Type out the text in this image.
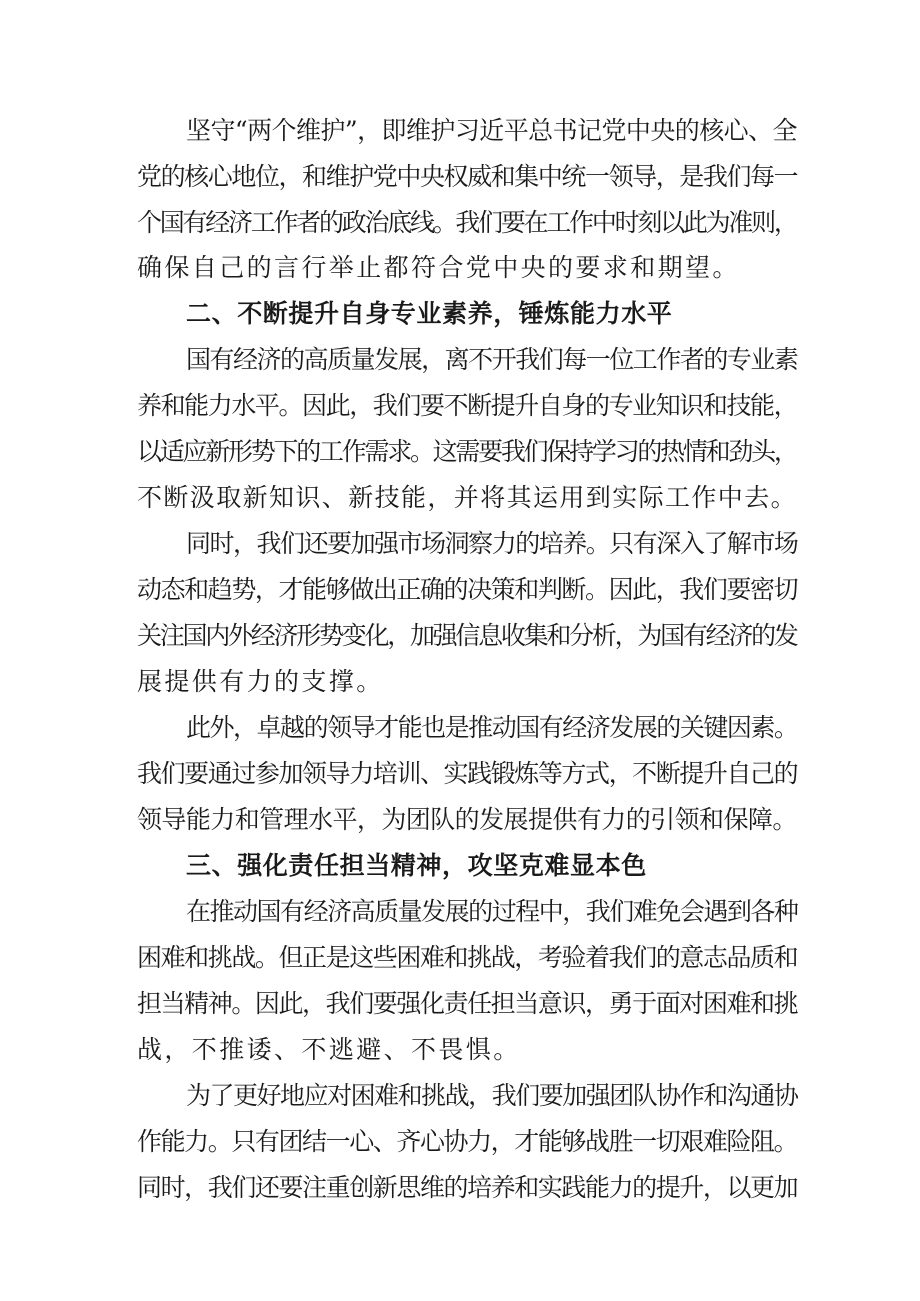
坚守“两个维护”，即维护习近平总书记党中央的核心、全
党的核心地位，和维护党中央权威和集中统一领导，是我们每一
个国有经济工作者的政治底线。我们要在工作中时刻以此为准则，
确保自己的言行举止都符合党中央的要求和期望。
二、不断提升自身专业素养，锤炼能力水平
国有经济的高质量发展，离不开我们每一位工作者的专业素
养和能力水平。因此，我们要不断提升自身的专业知识和技能，
以适应新形势下的工作需求。这需要我们保持学习的热情和劲头，
不断汲取新知识、新技能，并将其运用到实际工作中去。
同时，我们还要加强市场洞察力的培养。只有深入了解市场
动态和趋势，才能够做出正确的决策和判断。因此，我们要密切
关注国内外经济形势变化，加强信息收集和分析，为国有经济的发
展提供有力的支撑。
此外，卓越的领导才能也是推动国有经济发展的关键因素。
我们要通过参加领导力培训、实践锻炼等方式，不断提升自己的
领导能力和管理水平，为团队的发展提供有力的引领和保障。
三、强化责任担当精神，攻坚克难显本色
在推动国有经济高质量发展的过程中，我们难免会遇到各种
困难和挑战。但正是这些困难和挑战，考验着我们的意志品质和
担当精神。因此，我们要强化责任担当意识，勇于面对困难和挑
战，不推诿、不逃避、不畏惧。
为了更好地应对困难和挑战，我们要加强团队协作和沟通协
作能力。只有团结一心、齐心协力，才能够战胜一切艰难险阻。
同时，我们还要注重创新思维的培养和实践能力的提升，以更加
